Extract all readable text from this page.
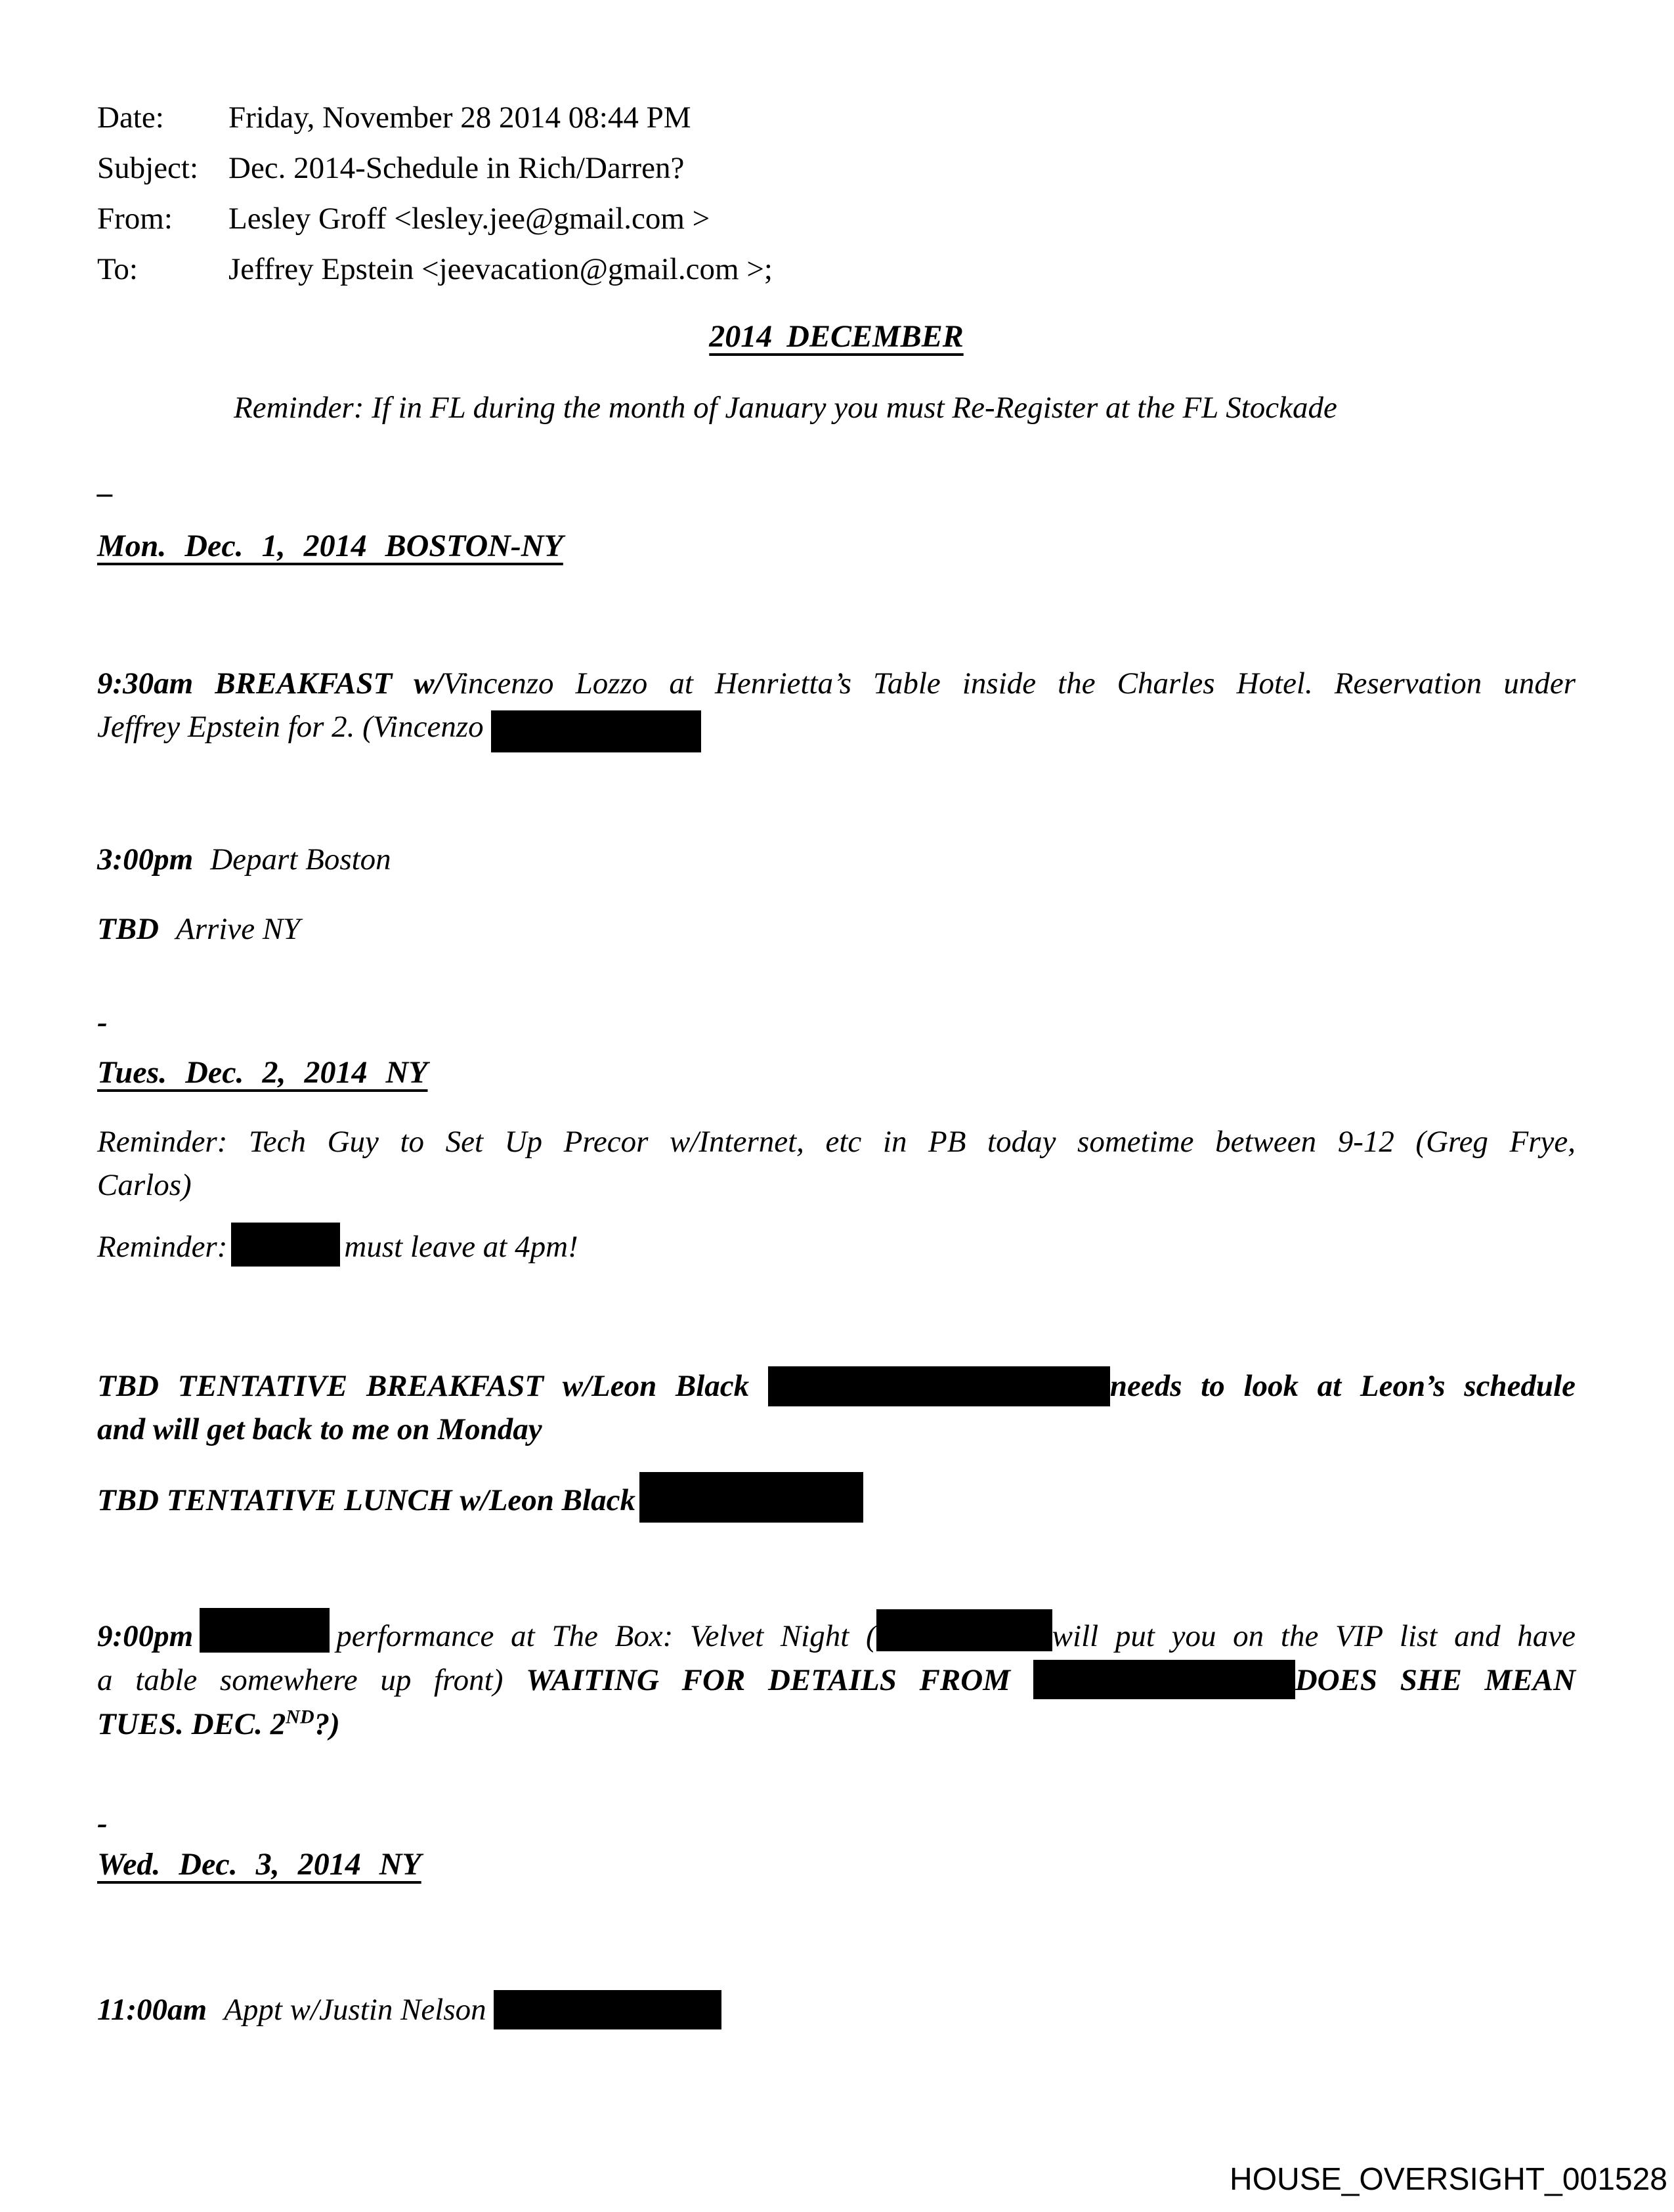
Date: Friday, November 28 2014 08:44 PM
Subject: Dec. 2014-Schedule in Rich/Darren?
From: Lesley Groff <lesley.jee@gmail.com >
To:	Jeffrey Epstein <jeevacation@gmail.com >;
2014 DECEMBER
Reminder: If in FL during the month of January you must Re-Register at the FL Stockade
–
Mon. Dec. 1, 2014 BOSTON-NY
9:30am BREAKFAST w/Vincenzo Lozzo at Henrietta’s Table inside the Charles Hotel. Reservation under
Jeffrey Epstein for 2. (Vincenzo
3:00pm Depart Boston
TBD Arrive NY
-
Tues. Dec. 2, 2014 NY
Reminder: Tech Guy to Set Up Precor w/Internet, etc in PB today sometime between 9-12 (Greg Frye,
Carlos)
Reminder:	must leave at 4pm!
TBD TENTATIVE BREAKFAST w/Leon Black	needs to look at Leon’s schedule
and will get back to me on Monday
TBD TENTATIVE LUNCH w/Leon Black
9:00pm	performance at The Box: Velvet Night (	will put you on the VIP list and have
a table somewhere up front) WAITING FOR DETAILS FROM	DOES SHE MEAN
TUES. DEC. 2ND?)
-
Wed. Dec. 3, 2014 NY
11:00am Appt w/Justin Nelson
HOUSE_OVERSIGHT_001528
